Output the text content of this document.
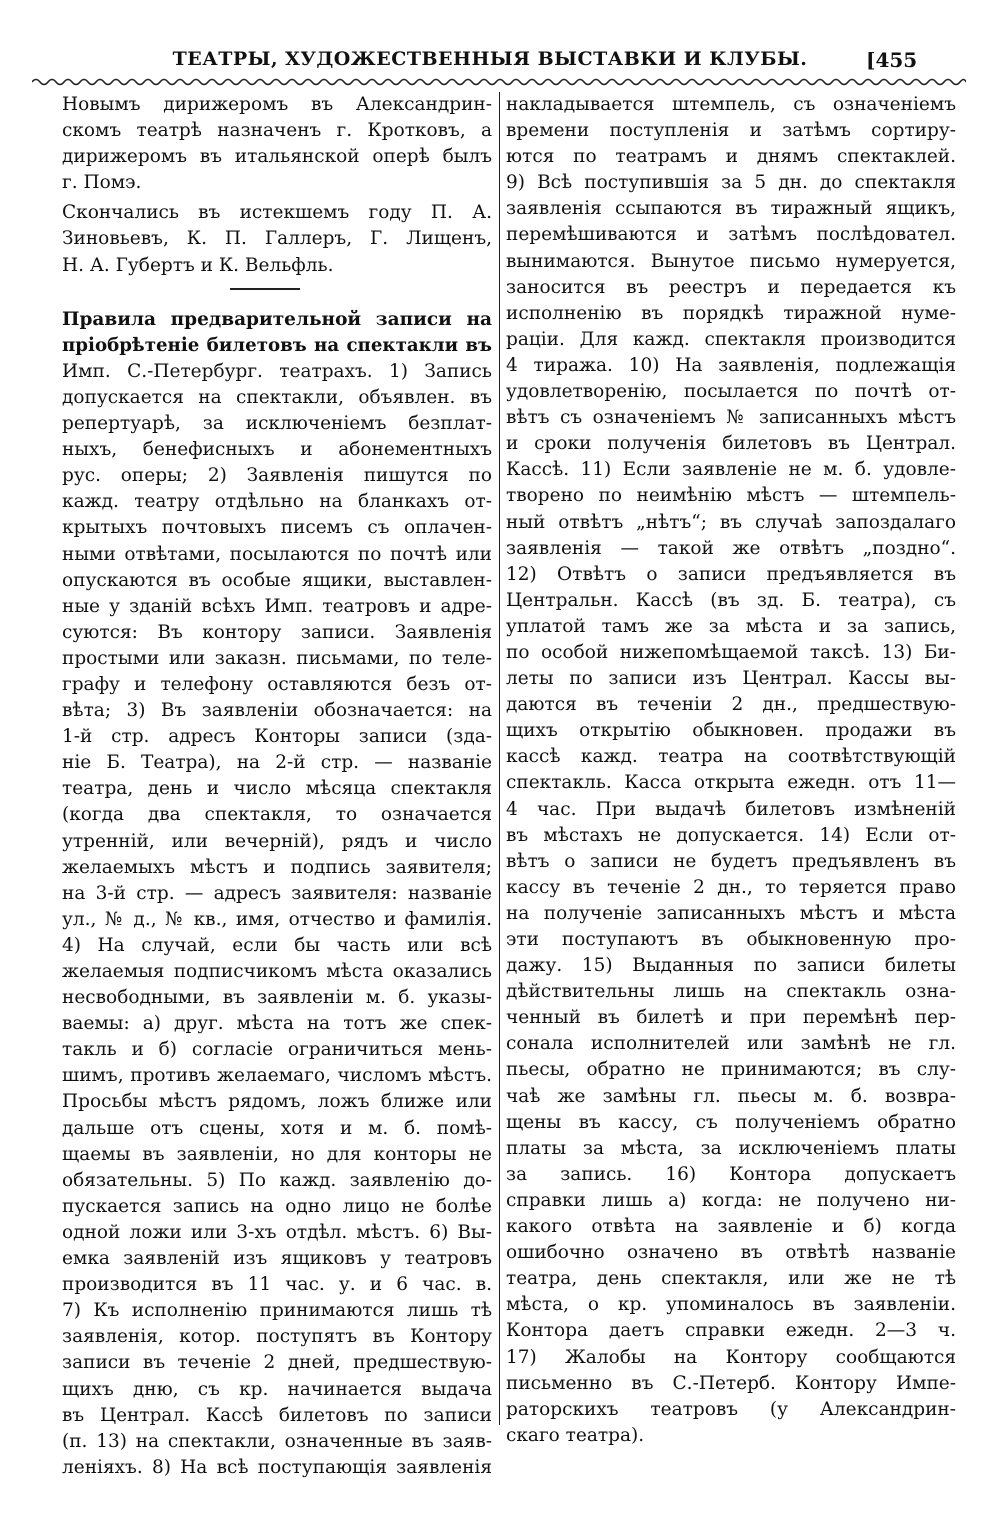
ТЕАТРЫ, ХУДОЖЕСТВЕННЫЯ ВЫСТАВКИ И КЛУБЫ.	[455
Новымъ дирижеромъ въ Александрин-
скомъ театрѣ назначенъ г. Кротковъ, а
дирижеромъ въ итальянской оперѣ былъ
г. Помэ.
Скончались въ истекшемъ году П. А.
Зиновьевъ, К. П. Галлеръ, Г. Лищенъ,
Н. А. Губертъ и К. Вельфль.
Правила предварительной записи на
пріобрѣтеніе билетовъ на спектакли въ
Имп. С.-Петербург. театрахъ. 1) Запись
допускается на спектакли, объявлен. въ
репертуарѣ, за исключеніемъ безплат-
ныхъ, бенефисныхъ и абонементныхъ
рус. оперы; 2) Заявленія пишутся по
кажд. театру отдѣльно на бланкахъ от-
крытыхъ почтовыхъ писемъ съ оплачен-
ными отвѣтами, посылаются по почтѣ или
опускаются въ особые ящики, выставлен-
ные у зданій всѣхъ Имп. театровъ и адре-
суются: Въ контору записи. Заявленія
простыми или заказн. письмами, по теле-
графу и телефону оставляются безъ от-
вѣта; 3) Въ заявленіи обозначается: на
1-й стр. адресъ Конторы записи (зда-
ніе Б. Театра), на 2-й стр. — названіе
театра, день и число мѣсяца спектакля
(когда два спектакля, то означается
утренній, или вечерній), рядъ и число
желаемыхъ мѣстъ и подпись заявителя;
на 3-й стр. — адресъ заявителя: названіе
ул., № д., № кв., имя, отчество и фамилія.
4) На случай, если бы часть или всѣ
желаемыя подписчикомъ мѣста оказались
несвободными, въ заявленіи м. б. указы-
ваемы: а) друг. мѣста на тотъ же спек-
такль и б) согласіе ограничиться мень-
шимъ, противъ желаемаго, числомъ мѣстъ.
Просьбы мѣстъ рядомъ, ложъ ближе или
дальше отъ сцены, хотя и м. б. помѣ-
щаемы въ заявленіи, но для конторы не
обязательны. 5) По кажд. заявленію до-
пускается запись на одно лицо не болѣе
одной ложи или 3-хъ отдѣл. мѣстъ. 6) Вы-
емка заявленій изъ ящиковъ у театровъ
производится въ 11 час. у. и 6 час. в.
7) Къ исполненію принимаются лишь тѣ
заявленія, котор. поступятъ въ Контору
записи въ теченіе 2 дней, предшествую-
щихъ дню, съ кр. начинается выдача
въ Централ. Кассѣ билетовъ по записи
(п. 13) на спектакли, означенные въ заяв-
леніяхъ. 8) На всѣ поступающія заявленія
накладывается штемпель, съ означеніемъ
времени поступленія и затѣмъ сортиру-
ются по театрамъ и днямъ спектаклей.
9) Всѣ поступившія за 5 дн. до спектакля
заявленія ссыпаются въ тиражный ящикъ,
перемѣшиваются и затѣмъ послѣдовател.
вынимаются. Вынутое письмо нумеруется,
заносится въ реестръ и передается къ
исполненію въ порядкѣ тиражной нуме-
раціи. Для кажд. спектакля производится
4 тиража. 10) На заявленія, подлежащія
удовлетворенію, посылается по почтѣ от-
вѣтъ съ означеніемъ № записанныхъ мѣстъ
и сроки полученія билетовъ въ Централ.
Кассѣ. 11) Если заявленіе не м. б. удовле-
творено по неимѣнію мѣстъ — штемпель-
ный отвѣтъ „нѣтъ“; въ случаѣ запоздалаго
заявленія — такой же отвѣтъ „поздно“.
12) Отвѣтъ о записи предъявляется въ
Центральн. Кассѣ (въ зд. Б. театра), съ
уплатой тамъ же за мѣста и за запись,
по особой нижепомѣщаемой таксѣ. 13) Би-
леты по записи изъ Централ. Кассы вы-
даются въ теченіи 2 дн., предшествую-
щихъ открытію обыкновен. продажи въ
кассѣ кажд. театра на соотвѣтствующій
спектакль. Касса открыта ежедн. отъ 11—
4 час. При выдачѣ билетовъ измѣненій
въ мѣстахъ не допускается. 14) Если от-
вѣтъ о записи не будетъ предъявленъ въ
кассу въ теченіе 2 дн., то теряется право
на полученіе записанныхъ мѣстъ и мѣста
эти поступаютъ въ обыкновенную про-
дажу. 15) Выданныя по записи билеты
дѣйствительны лишь на спектакль озна-
ченный въ билетѣ и при перемѣнѣ пер-
сонала исполнителей или замѣнѣ не гл.
пьесы, обратно не принимаются; въ слу-
чаѣ же замѣны гл. пьесы м. б. возвра-
щены въ кассу, съ полученіемъ обратно
платы за мѣста, за исключеніемъ платы
за запись. 16) Контора допускаетъ
справки лишь а) когда: не получено ни-
какого отвѣта на заявленіе и б) когда
ошибочно означено въ отвѣтѣ названіе
театра, день спектакля, или же не тѣ
мѣста, о кр. упоминалось въ заявленіи.
Контора даетъ справки ежедн. 2—3 ч.
17) Жалобы на Контору сообщаются
письменно въ С.-Петерб. Контору Импе-
раторскихъ театровъ (у Александрин-
скаго театра).
